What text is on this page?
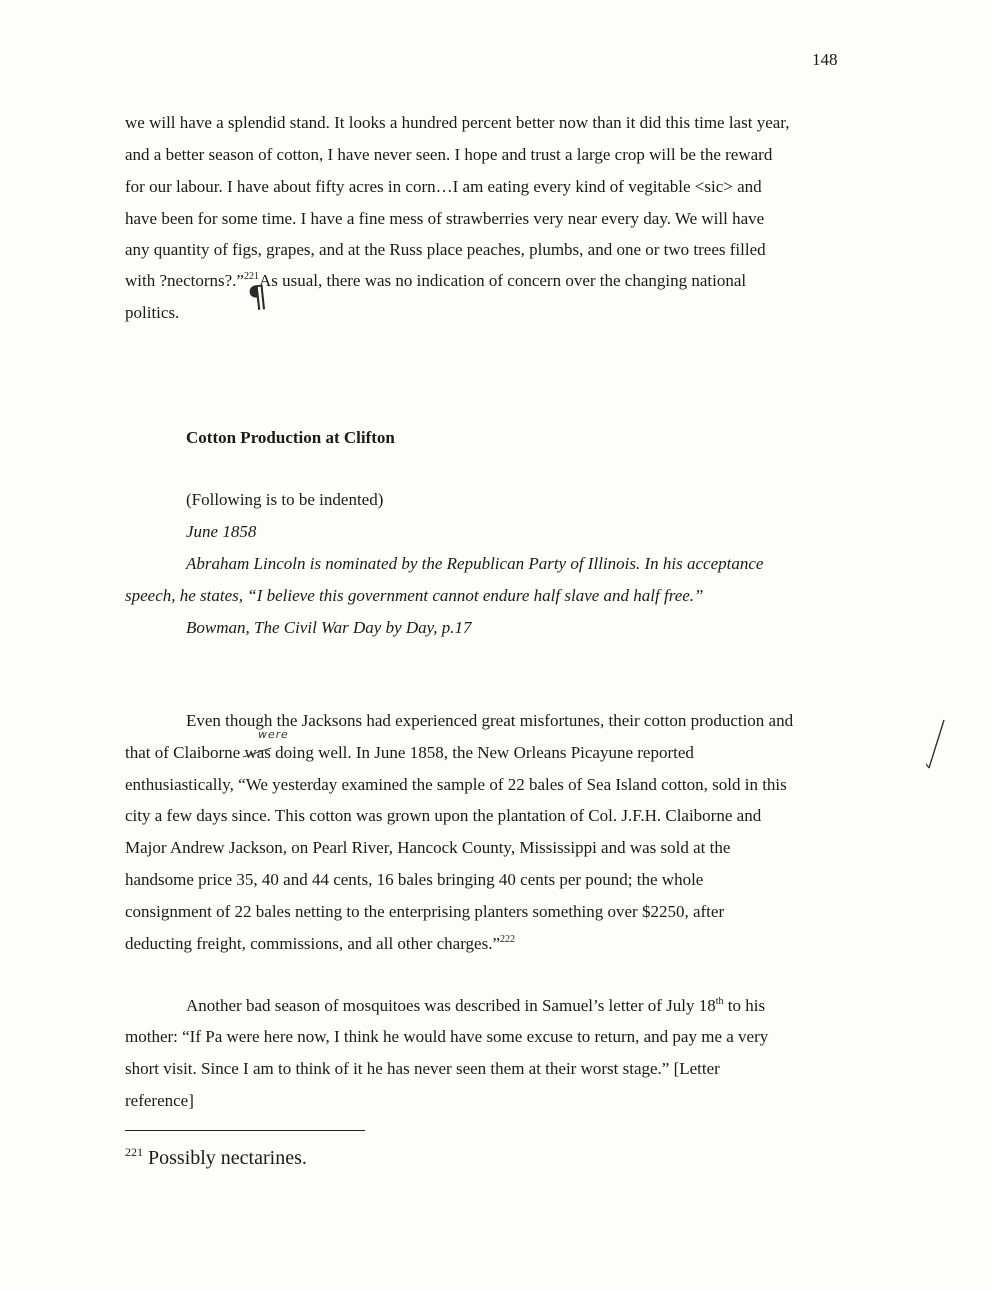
148
we will have a splendid stand. It looks a hundred percent better now than it did this time last year,
and a better season of cotton, I have never seen. I hope and trust a large crop will be the reward
for our labour. I have about fifty acres in corn…I am eating every kind of vegitable <sic> and
have been for some time. I have a fine mess of strawberries very near every day. We will have
any quantity of figs, grapes, and at the Russ place peaches, plumbs, and one or two trees filled
with ?nectorns?.”$^{221}$As usual, there was no indication of concern over the changing national
politics. ¶
Cotton Production at Clifton
(Following is to be indented)
June 1858
Abraham Lincoln is nominated by the Republican Party of Illinois. In his acceptance
speech, he states, “I believe this government cannot endure half slave and half free.”
Bowman, The Civil War Day by Day, p.17
Even though the Jacksons had experienced great misfortunes, their cotton production and
that of Claiborne was doing well. In June 1858, the New Orleans Picayune reported
enthusiastically, “We yesterday examined the sample of 22 bales of Sea Island cotton, sold in this
city a few days since. This cotton was grown upon the plantation of Col. J.F.H. Claiborne and
Major Andrew Jackson, on Pearl River, Hancock County, Mississippi and was sold at the
handsome price 35, 40 and 44 cents, 16 bales bringing 40 cents per pound; the whole
consignment of 22 bales netting to the enterprising planters something over $2250, after
deducting freight, commissions, and all other charges.”$^{222}$
were
Another bad season of mosquitoes was described in Samuel’s letter of July 18th to his
mother: “If Pa were here now, I think he would have some excuse to return, and pay me a very
short visit. Since I am to think of it he has never seen them at their worst stage.” [Letter
reference]
$^{221}$ Possibly nectarines.
